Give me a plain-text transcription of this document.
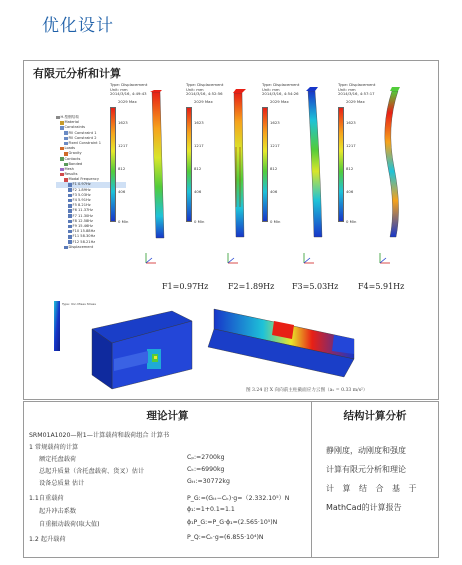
优化设计
有限元分析和计算
H-型钢结构
Material
Constraints
Fill Constraint 1
Fill Constraint 2
Fixed Constraint 1
Loads
Gravity
Contacts
Bonded
Mesh
Results
Modal Frequency
F1 0.97Hz
F2 1.89Hz
F3 5.03Hz
F4 5.91Hz
F5 8.21Hz
F6 11.37Hz
F7 11.30Hz
F8 12.58Hz
F9 15.46Hz
F10 15.88Hz
F11 58.30Hz
F12 58.21Hz
Displacement
Type: Displacement
Unit: mm
2014/3/16, 4:49:43
2029 Max
1623
1217
812
406
0 Min
Type: Displacement
Unit: mm
2014/3/16, 4:52:56
2029 Max
1623
1217
812
406
0 Min
Type: Displacement
Unit: mm
2014/3/16, 4:54:26
2029 Max
1623
1217
812
406
0 Min
Type: Displacement
Unit: mm
2014/3/16, 4:57:17
2029 Max
1623
1217
812
406
0 Min
F1=0.97Hz F2=1.89Hz F3=5.03Hz F4=5.91Hz
Type: Von Mises Stress
图 3.24 沿 X 向向前主柱截面应力云图（aₓ = 0.33 m/s²）
理论计算
SRM01A1020—附1—计算载荷和载荷组合 计算书
1 常规载荷的计算
额定托盘载荷	Cₚ:=2700kg
总起升质量（含托盘载荷、货叉）估计	Cₖ:=6990kg
设备总质量 估计	Gₜₜ:=30772kg
1.1自重载荷	P_G:=(Gₜₜ−Cₖ)·g=（2.332.10⁵）N
起升冲击系数	ϕ₁:=1+0.1=1.1
自重振动载荷(取大值)	ϕ₁P_G:=P_G·ϕ₁=(2.565·10⁵)N
1.2 起升载荷	P_Q:=Cₖ·g=(6.855·10⁴)N
结构计算分析
静刚度，动刚度和强度
计算有限元分析和理论
计算结合基于
MathCad的计算报告
